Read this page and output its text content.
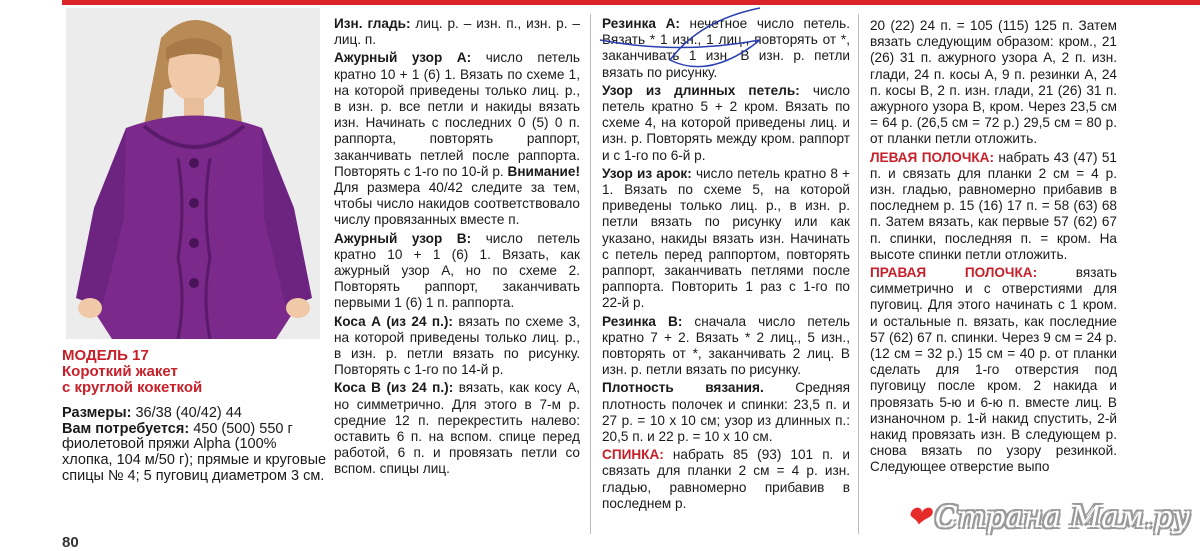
МОДЕЛЬ 17
Короткий жакет
с круглой кокеткой

Размеры: 36/38 (40/42) 44

Вам потребуется: 450 (500) 550 г фиолетовой пряжи Alpha (100% хлопка, 104 м/50 г); прямые и круговые спицы № 4; 5 пуговиц диаметром 3 см.

Изн. гладь: лиц. р. – изн. п., изн. р. – лиц. п.

Ажурный узор А: число петель кратно 10 + 1 (6) 1. Вязать по схеме 1, на которой приведены только лиц. р., в изн. р. все петли и накиды вязать изн. Начинать с последних 0 (5) 0 п. раппорта, повторять раппорт, заканчивать петлей после раппорта. Повторять с 1-го по 10-й р. Внимание! Для размера 40/42 следите за тем, чтобы число накидов соответствовало числу провязанных вместе п.

Ажурный узор В: число петель кратно 10 + 1 (6) 1. Вязать, как ажурный узор А, но по схеме 2. Повторять раппорт, заканчивать первыми 1 (6) 1 п. раппорта.

Коса А (из 24 п.): вязать по схеме 3, на которой приведены только лиц. р., в изн. р. петли вязать по рисунку. Повторять с 1-го по 14-й р.

Коса В (из 24 п.): вязать, как косу А, но симметрично. Для этого в 7-м р. средние 12 п. перекрестить налево: оставить 6 п. на вспом. спице перед работой, 6 п. и провязать петли со вспом. спицы лиц.

Резинка А: нечетное число петель. Вязать * 1 изн., 1 лиц., повторять от *, заканчивать 1 изн. В изн. р. петли вязать по рисунку.

Узор из длинных петель: число петель кратно 5 + 2 кром. Вязать по схеме 4, на которой приведены лиц. и изн. р. Повторять между кром. раппорт и с 1-го по 6-й р.

Узор из арок: число петель кратно 8 + 1. Вязать по схеме 5, на которой приведены только лиц. р., в изн. р. петли вязать по рисунку или как указано, накиды вязать изн. Начинать с петель перед раппортом, повторять раппорт, заканчивать петлями после раппорта. Повторить 1 раз с 1-го по 22-й р.

Резинка В: сначала число петель кратно 7 + 2. Вязать * 2 лиц., 5 изн., повторять от *, заканчивать 2 лиц. В изн. р. петли вязать по рисунку.

Плотность вязания. Средняя плотность полочек и спинки: 23,5 п. и 27 р. = 10 х 10 см; узор из длинных п.: 20,5 п. и 22 р. = 10 х 10 см.

СПИНКА: набрать 85 (93) 101 п. и связать для планки 2 см = 4 р. изн. гладью, равномерно прибавив в последнем р.

20 (22) 24 п. = 105 (115) 125 п. Затем вязать следующим образом: кром., 21 (26) 31 п. ажурного узора А, 2 п. изн. глади, 24 п. косы А, 9 п. резинки А, 24 п. косы В, 2 п. изн. глади, 21 (26) 31 п. ажурного узора В, кром. Через 23,5 см = 64 р. (26,5 см = 72 р.) 29,5 см = 80 р. от планки петли отложить.

ЛЕВАЯ ПОЛОЧКА: набрать 43 (47) 51 п. и связать для планки 2 см = 4 р. изн. гладью, равномерно прибавив в последнем р. 15 (16) 17 п. = 58 (63) 68 п. Затем вязать, как первые 57 (62) 67 п. спинки, последняя п. = кром. На высоте спинки петли отложить.

ПРАВАЯ ПОЛОЧКА:	вязать симметрично и с отверстиями для пуговиц. Для этого начинать с 1 кром. и остальные п. вязать, как последние 57 (62) 67 п. спинки. Через 9 см = 24 р. (12 см = 32 р.) 15 см = 40 р. от планки сделать для 1-го отверстия под пуговицу после кром. 2 накида и провязать 5-ю и 6-ю п. вместе лиц. В изнаночном р. 1-й накид спустить, 2-й накид провязать изн. В следующем р. снова вязать по узору резинкой. Следующее отверстие выпо

❤ Страна Мам.ру
80
